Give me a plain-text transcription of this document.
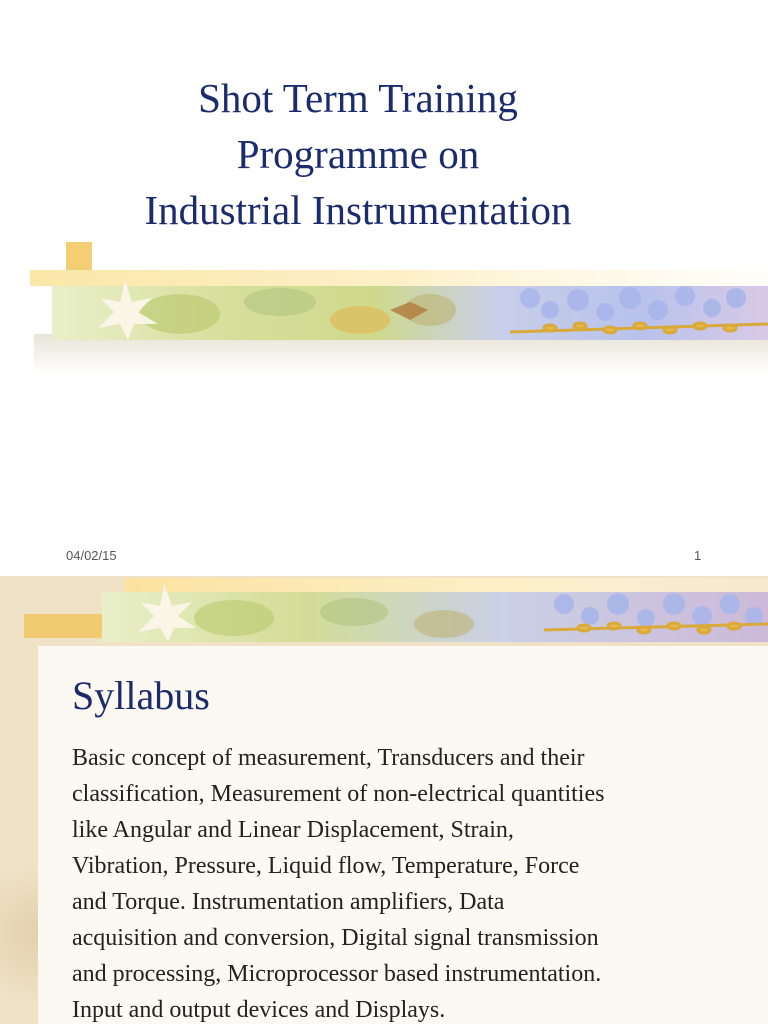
Shot Term Training
Programme on
Industrial Instrumentation
04/02/15	1
Syllabus
Basic concept of measurement, Transducers and their
classification, Measurement of non-electrical quantities
like Angular and Linear Displacement, Strain,
Vibration, Pressure, Liquid flow, Temperature, Force
and Torque. Instrumentation amplifiers, Data
acquisition and conversion, Digital signal transmission
and processing, Microprocessor based instrumentation.
Input and output devices and Displays.
